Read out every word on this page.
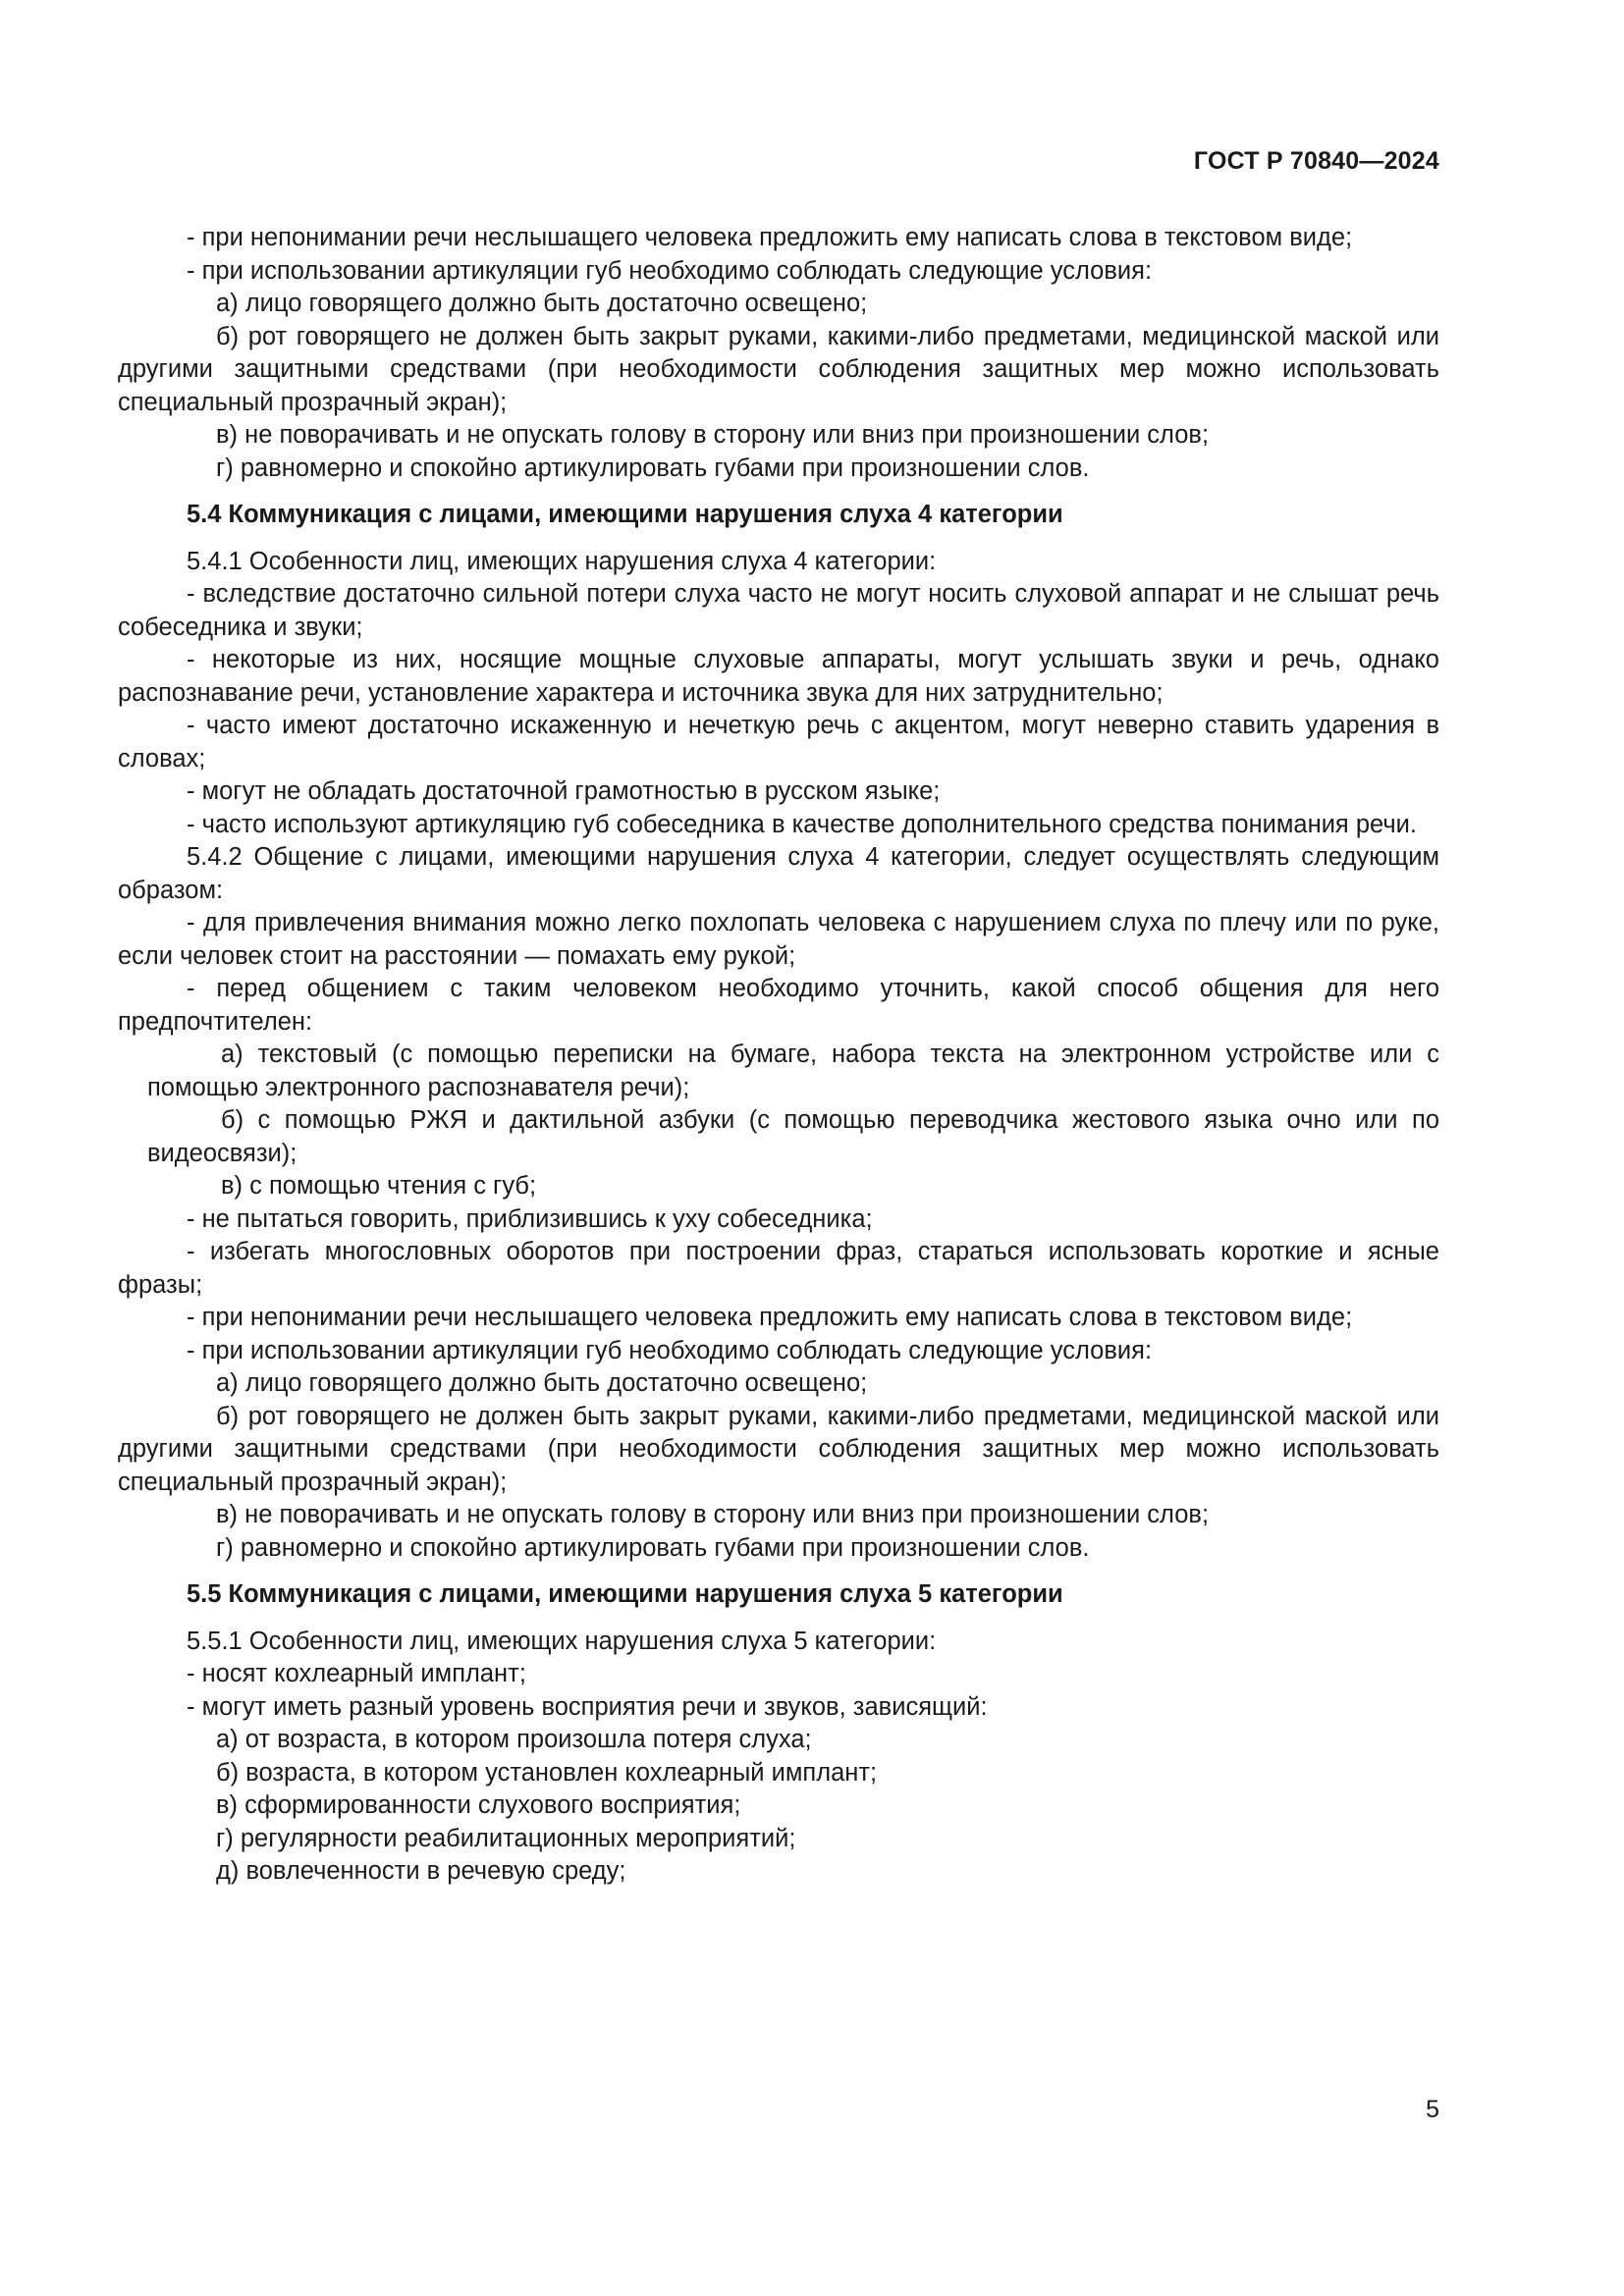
ГОСТ Р 70840—2024

- при непонимании речи неслышащего человека предложить ему написать слова в текстовом виде;

- при использовании артикуляции губ необходимо соблюдать следующие условия:

а) лицо говорящего должно быть достаточно освещено;

б) рот говорящего не должен быть закрыт руками, какими-либо предметами, медицинской маской или другими защитными средствами (при необходимости соблюдения защитных мер можно использовать специальный прозрачный экран);

в) не поворачивать и не опускать голову в сторону или вниз при произношении слов;

г) равномерно и спокойно артикулировать губами при произношении слов.

5.4 Коммуникация с лицами, имеющими нарушения слуха 4 категории

5.4.1 Особенности лиц, имеющих нарушения слуха 4 категории:

- вследствие достаточно сильной потери слуха часто не могут носить слуховой аппарат и не слышат речь собеседника и звуки;

- некоторые из них, носящие мощные слуховые аппараты, могут услышать звуки и речь, однако распознавание речи, установление характера и источника звука для них затруднительно;

- часто имеют достаточно искаженную и нечеткую речь с акцентом, могут неверно ставить ударения в словах;

- могут не обладать достаточной грамотностью в русском языке;

- часто используют артикуляцию губ собеседника в качестве дополнительного средства понимания речи.

5.4.2 Общение с лицами, имеющими нарушения слуха 4 категории, следует осуществлять следующим образом:

- для привлечения внимания можно легко похлопать человека с нарушением слуха по плечу или по руке, если человек стоит на расстоянии — помахать ему рукой;

- перед общением с таким человеком необходимо уточнить, какой способ общения для него предпочтителен:

а) текстовый (с помощью переписки на бумаге, набора текста на электронном устройстве или с помощью электронного распознавателя речи);

б) с помощью РЖЯ и дактильной азбуки (с помощью переводчика жестового языка очно или по видеосвязи);

в) с помощью чтения с губ;

- не пытаться говорить, приблизившись к уху собеседника;

- избегать многословных оборотов при построении фраз, стараться использовать короткие и ясные фразы;

- при непонимании речи неслышащего человека предложить ему написать слова в текстовом виде;

- при использовании артикуляции губ необходимо соблюдать следующие условия:

а) лицо говорящего должно быть достаточно освещено;

б) рот говорящего не должен быть закрыт руками, какими-либо предметами, медицинской маской или другими защитными средствами (при необходимости соблюдения защитных мер можно использовать специальный прозрачный экран);

в) не поворачивать и не опускать голову в сторону или вниз при произношении слов;

г) равномерно и спокойно артикулировать губами при произношении слов.

5.5 Коммуникация с лицами, имеющими нарушения слуха 5 категории

5.5.1 Особенности лиц, имеющих нарушения слуха 5 категории:

- носят кохлеарный имплант;

- могут иметь разный уровень восприятия речи и звуков, зависящий:

а) от возраста, в котором произошла потеря слуха;

б) возраста, в котором установлен кохлеарный имплант;

в) сформированности слухового восприятия;

г) регулярности реабилитационных мероприятий;

д) вовлеченности в речевую среду;

5
